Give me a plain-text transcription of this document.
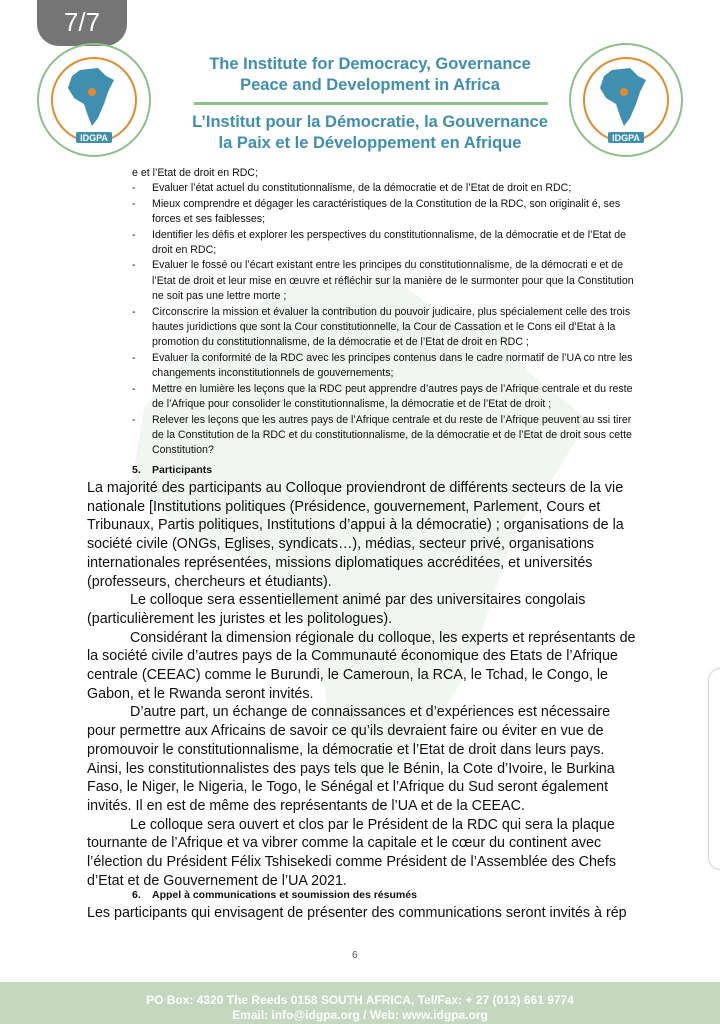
7/7
IDGPA	IDGPA
The Institute for Democracy, Governance
Peace and Development in Africa
L’Institut pour la Démocratie, la Gouvernance
la Paix et le Développement en Afrique
e et l’Etat de droit en RDC;
- Evaluer l’état actuel du constitutionnalisme, de la démocratie et de l’Etat de droit en RDC;
- Mieux comprendre et dégager les caractéristiques de la Constitution de la RDC, son originalit é, ses forces et ses faiblesses;
- Identifier les défis et explorer les perspectives du constitutionnalisme, de la démocratie et de l’Etat de droit en RDC;
- Evaluer le fossé ou l’écart existant entre les principes du constitutionnalisme, de la démocrati e et de l’Etat de droit et leur mise en œuvre et réfléchir sur la manière de le surmonter pour que la Constitution ne soit pas une lettre morte ;
- Circonscrire la mission et évaluer la contribution du pouvoir judicaire, plus spécialement celle des trois hautes juridictions que sont la Cour constitutionnelle, la Cour de Cassation et le Cons eil d’Etat à la promotion du constitutionnalisme, de la démocratie et de l’Etat de droit en RDC ;
- Evaluer la conformité de la RDC avec les principes contenus dans le cadre normatif de l’UA co ntre les changements inconstitutionnels de gouvernements;
- Mettre en lumière les leçons que la RDC peut apprendre d’autres pays de l’Afrique centrale et du reste de l’Afrique pour consolider le constitutionnalisme, la démocratie et de l’Etat de droit ;
- Relever les leçons que les autres pays de l’Afrique centrale et du reste de l’Afrique peuvent au ssi tirer de la Constitution de la RDC et du constitutionnalisme, de la démocratie et de l’Etat de droit sous cette Constitution?
5. Participants

La majorité des participants au Colloque proviendront de différents secteurs de la vie nationale [Institutions politiques (Présidence, gouvernement, Parlement, Cours et Tribunaux, Partis politiques, Institutions d’appui à la démocratie) ; organisations de la société civile (ONGs, Eglises, syndicats…), médias, secteur privé, organisations internationales représentées, missions diplomatiques accréditées, et universités (professeurs, chercheurs et étudiants).

Le colloque sera essentiellement animé par des universitaires congolais (particulièrement les juristes et les politologues).

Considérant la dimension régionale du colloque, les experts et représentants de la société civile d’autres pays de la Communauté économique des Etats de l’Afrique centrale (CEEAC) comme le Burundi, le Cameroun, la RCA, le Tchad, le Congo, le Gabon, et le Rwanda seront invités.

D’autre part, un échange de connaissances et d’expériences est nécessaire pour permettre aux Africains de savoir ce qu’ils devraient faire ou éviter en vue de promouvoir le constitutionnalisme, la démocratie et l’Etat de droit dans leurs pays. Ainsi, les constitutionnalistes des pays tels que le Bénin, la Cote d’Ivoire, le Burkina Faso, le Niger, le Nigeria, le Togo, le Sénégal et l’Afrique du Sud seront également invités. Il en est de même des représentants de l’UA et de la CEEAC.

Le colloque sera ouvert et clos par le Président de la RDC qui sera la plaque tournante de l’Afrique et va vibrer comme la capitale et le cœur du continent avec l’élection du Président Félix Tshisekedi comme Président de l’Assemblée des Chefs d’Etat et de Gouvernement de l’UA 2021.

6. Appel à communications et soumission des résumés

Les participants qui envisagent de présenter des communications seront invités à rép

6
PO Box: 4320 The Reeds 0158 SOUTH AFRICA, Tel/Fax: + 27 (012) 661 9774
Email: info@idgpa.org / Web: www.idgpa.org
